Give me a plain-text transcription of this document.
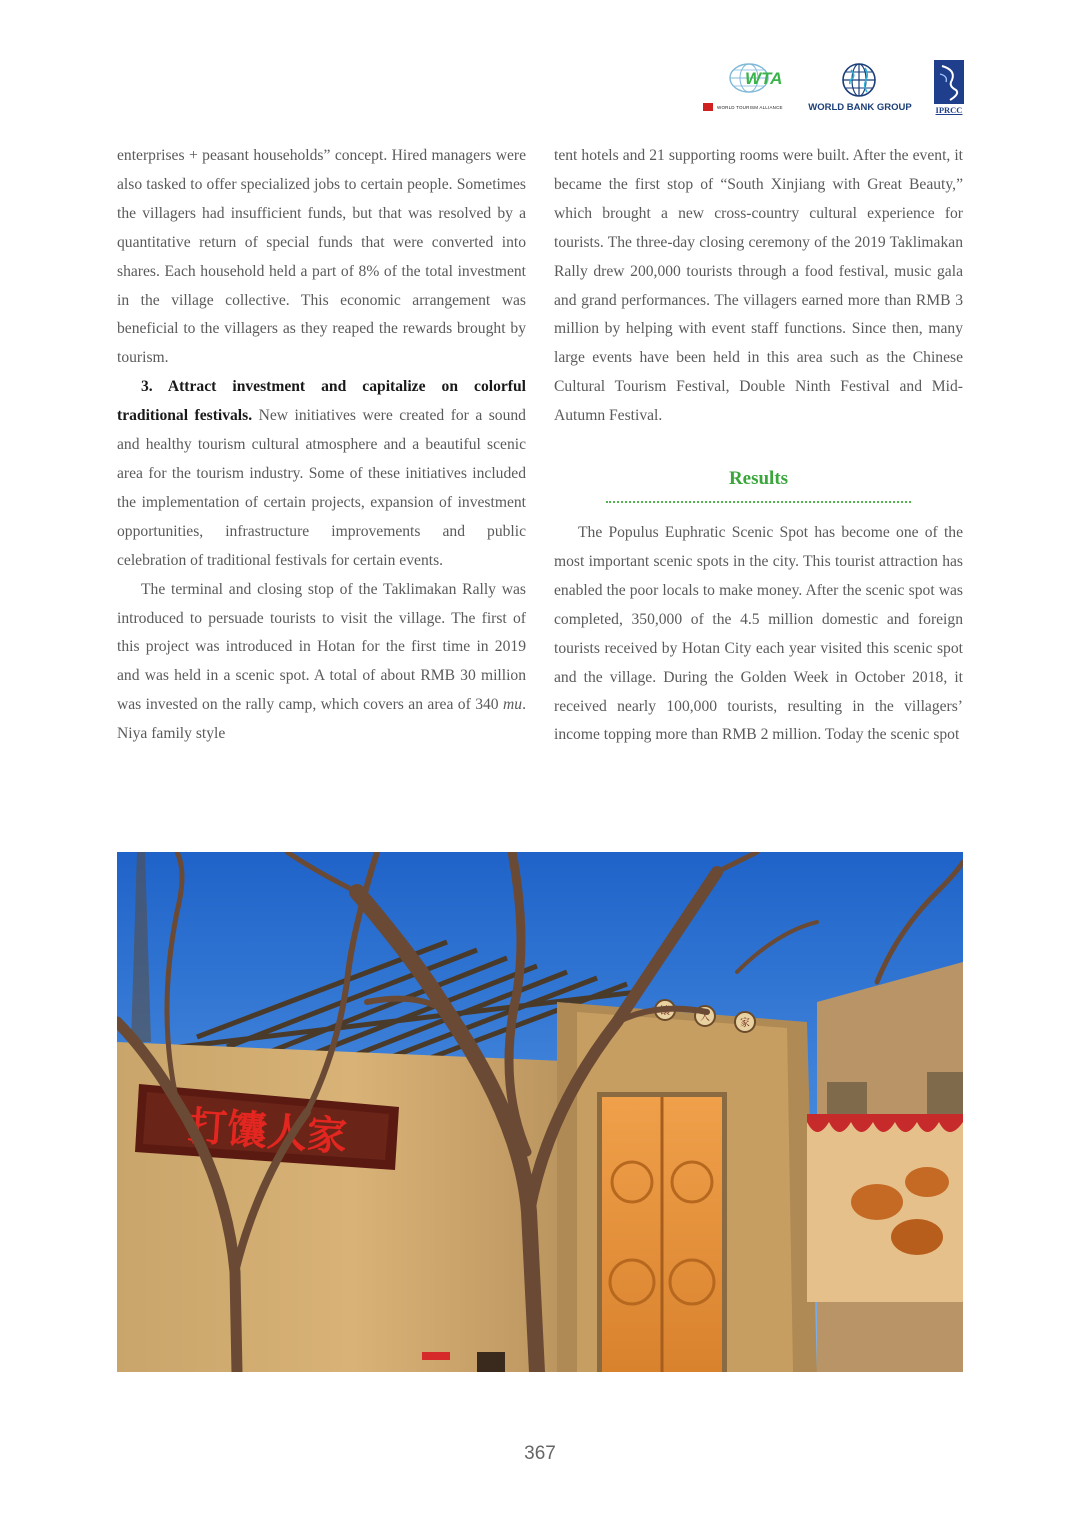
WTA
WORLD TOURISM ALLIANCE	WORLD BANK GROUP	IPRCC

enterprises + peasant households” concept. Hired managers were also tasked to offer specialized jobs to certain people. Sometimes the villagers had insufficient funds, but that was resolved by a quantitative return of special funds that were converted into shares. Each household held a part of 8% of the total investment in the village collective. This economic arrangement was beneficial to the villagers as they reaped the rewards brought by tourism.

3. Attract investment and capitalize on colorful traditional festivals. New initiatives were created for a sound and healthy tourism cultural atmosphere and a beautiful scenic area for the tourism industry. Some of these initiatives included the implementation of certain projects, expansion of investment opportunities, infrastructure improvements and public celebration of traditional festivals for certain events.

The terminal and closing stop of the Taklimakan Rally was introduced to persuade tourists to visit the village. The first of this project was introduced in Hotan for the first time in 2019 and was held in a scenic spot. A total of about RMB 30 million was invested on the rally camp, which covers an area of 340 mu. Niya family style

tent hotels and 21 supporting rooms were built. After the event, it became the first stop of “South Xinjiang with Great Beauty,” which brought a new cross-country cultural experience for tourists. The three-day closing ceremony of the 2019 Taklimakan Rally drew 200,000 tourists through a food festival, music gala and grand performances. The villagers earned more than RMB 3 million by helping with event staff functions. Since then, many large events have been held in this area such as the Chinese Cultural Tourism Festival, Double Ninth Festival and Mid-Autumn Festival.

Results

The Populus Euphratic Scenic Spot has become one of the most important scenic spots in the city. This tourist attraction has enabled the poor locals to make money. After the scenic spot was completed, 350,000 of the 4.5 million domestic and foreign tourists received by Hotan City each year visited this scenic spot and the village. During the Golden Week in October 2018, it received nearly 100,000 tourists, resulting in the villagers’ income topping more than RMB 2 million. Today the scenic spot

馕
人
家
打馕人家
367
